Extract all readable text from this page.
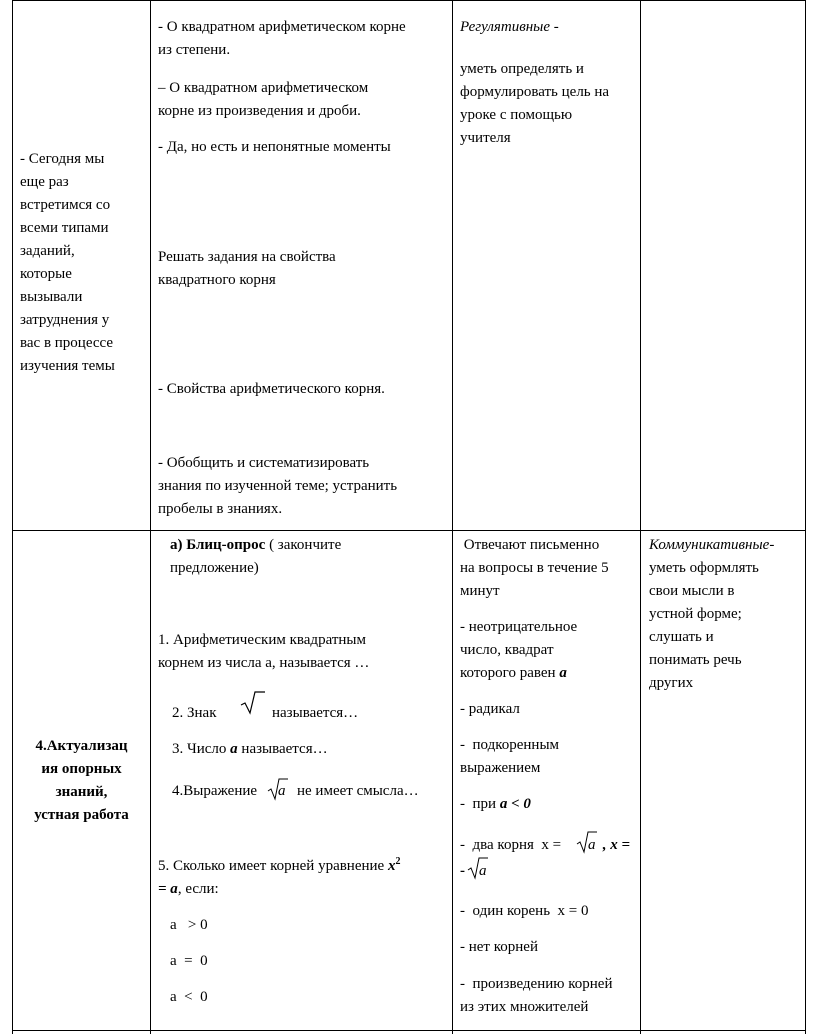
- Сегодня мы
еще раз
встретимся со
всеми типами
заданий,
которые
вызывали
затруднения у
вас в процессе
изучения темы
- О квадратном арифметическом корне
из степени.
– О квадратном арифметическом
корне из произведения и дроби.
- Да, но есть и непонятные моменты
Решать задания на свойства
квадратного корня
- Свойства арифметического корня.
- Обобщить и систематизировать
знания по изученной теме; устранить
пробелы в знаниях.
Регулятивные -
уметь определять и
формулировать цель на
уроке с помощью
учителя
4.Актуализац
ия опорных
знаний,
устная работа
а) Блиц-опрос ( закончите
предложение)
1. Арифметическим квадратным
корнем из числа а, называется …
2. Знак	называется…
3. Число а называется…
4.Выражение a не имеет смысла…
5. Сколько имеет корней уравнение $x^2$
= a, если:
a   > 0
a  =  0
a  <  0
Отвечают письменно
на вопросы в течение 5
минут
- неотрицательное
число, квадрат
которого равен а
- радикал
-  подкоренным
выражением
-  при а < 0
-  два корня  х = a , x =
- a
-  один корень  х = 0
- нет корней
-  произведению корней
из этих множителей
Коммуникативные-
уметь оформлять
свои мысли в
устной форме;
слушать и
понимать речь
других
